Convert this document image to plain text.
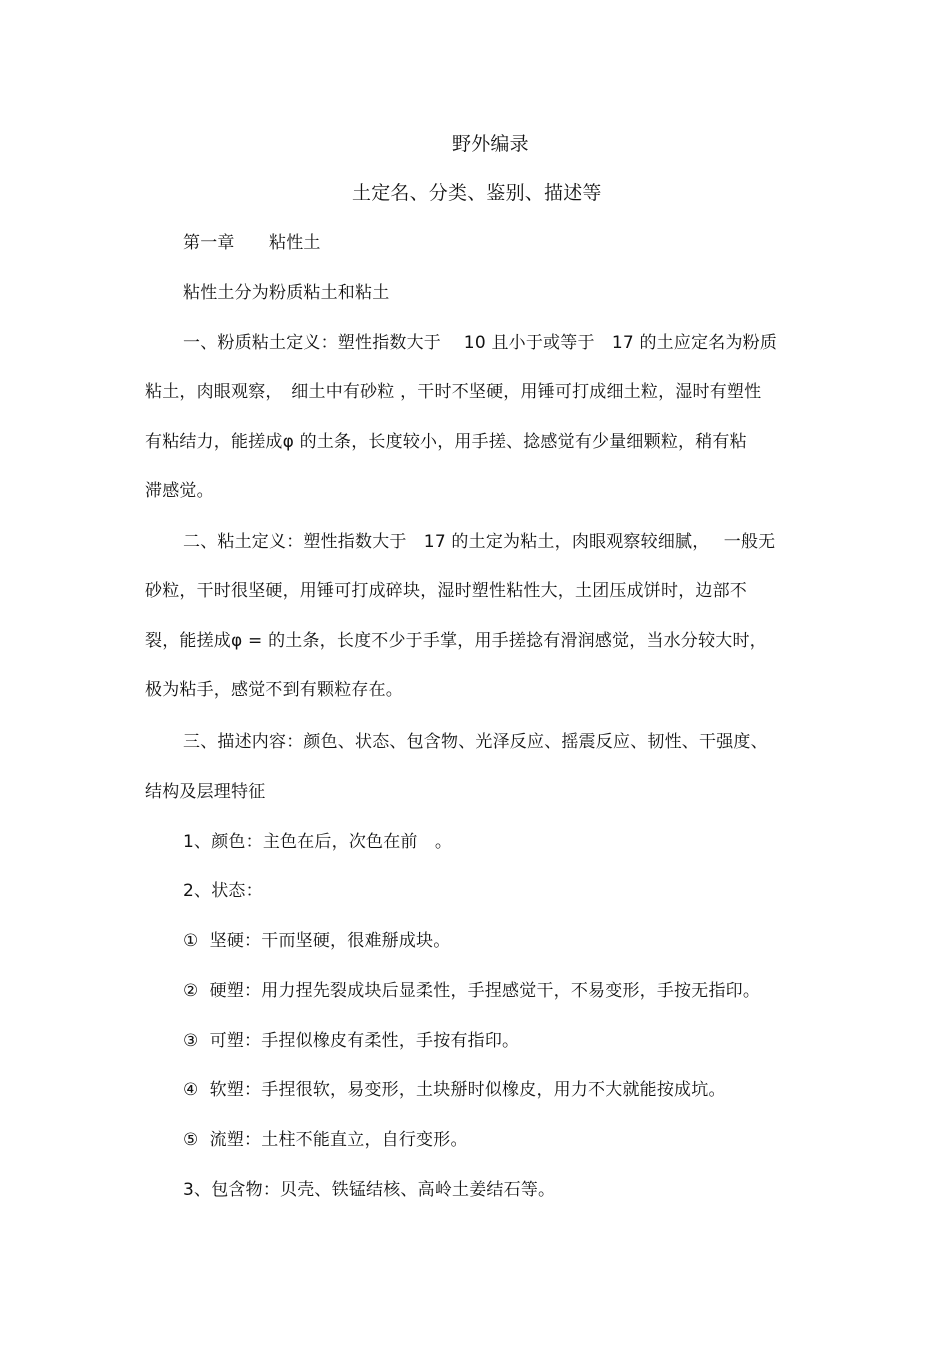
野外编录
土定名、分类、鉴别、描述等
第一章　　粘性土
粘性土分为粉质粘土和粘土
一、粉质粘土定义：塑性指数大于　 10 且小于或等于　17 的土应定名为粉质
粘土，肉眼观察，　细土中有砂粒 ，干时不坚硬，用锤可打成细土粒，湿时有塑性
有粘结力，能搓成φ 的土条，长度较小，用手搓、捻感觉有少量细颗粒，稍有粘
滞感觉。
二、粘土定义：塑性指数大于　17 的土定为粘土，肉眼观察较细腻，　 一般无
砂粒，干时很坚硬，用锤可打成碎块，湿时塑性粘性大，土团压成饼时，边部不
裂，能搓成φ = 的土条，长度不少于手掌，用手搓捻有滑润感觉，当水分较大时，
极为粘手，感觉不到有颗粒存在。
三、描述内容：颜色、状态、包含物、光泽反应、摇震反应、韧性、干强度、
结构及层理特征
1、颜色：主色在后，次色在前　。
2、状态：
①  坚硬：干而坚硬，很难掰成块。
②  硬塑：用力捏先裂成块后显柔性，手捏感觉干，不易变形，手按无指印。
③  可塑：手捏似橡皮有柔性，手按有指印。
④  软塑：手捏很软，易变形，土块掰时似橡皮，用力不大就能按成坑。
⑤  流塑：土柱不能直立，自行变形。
3、包含物：贝壳、铁锰结核、高岭土姜结石等。
